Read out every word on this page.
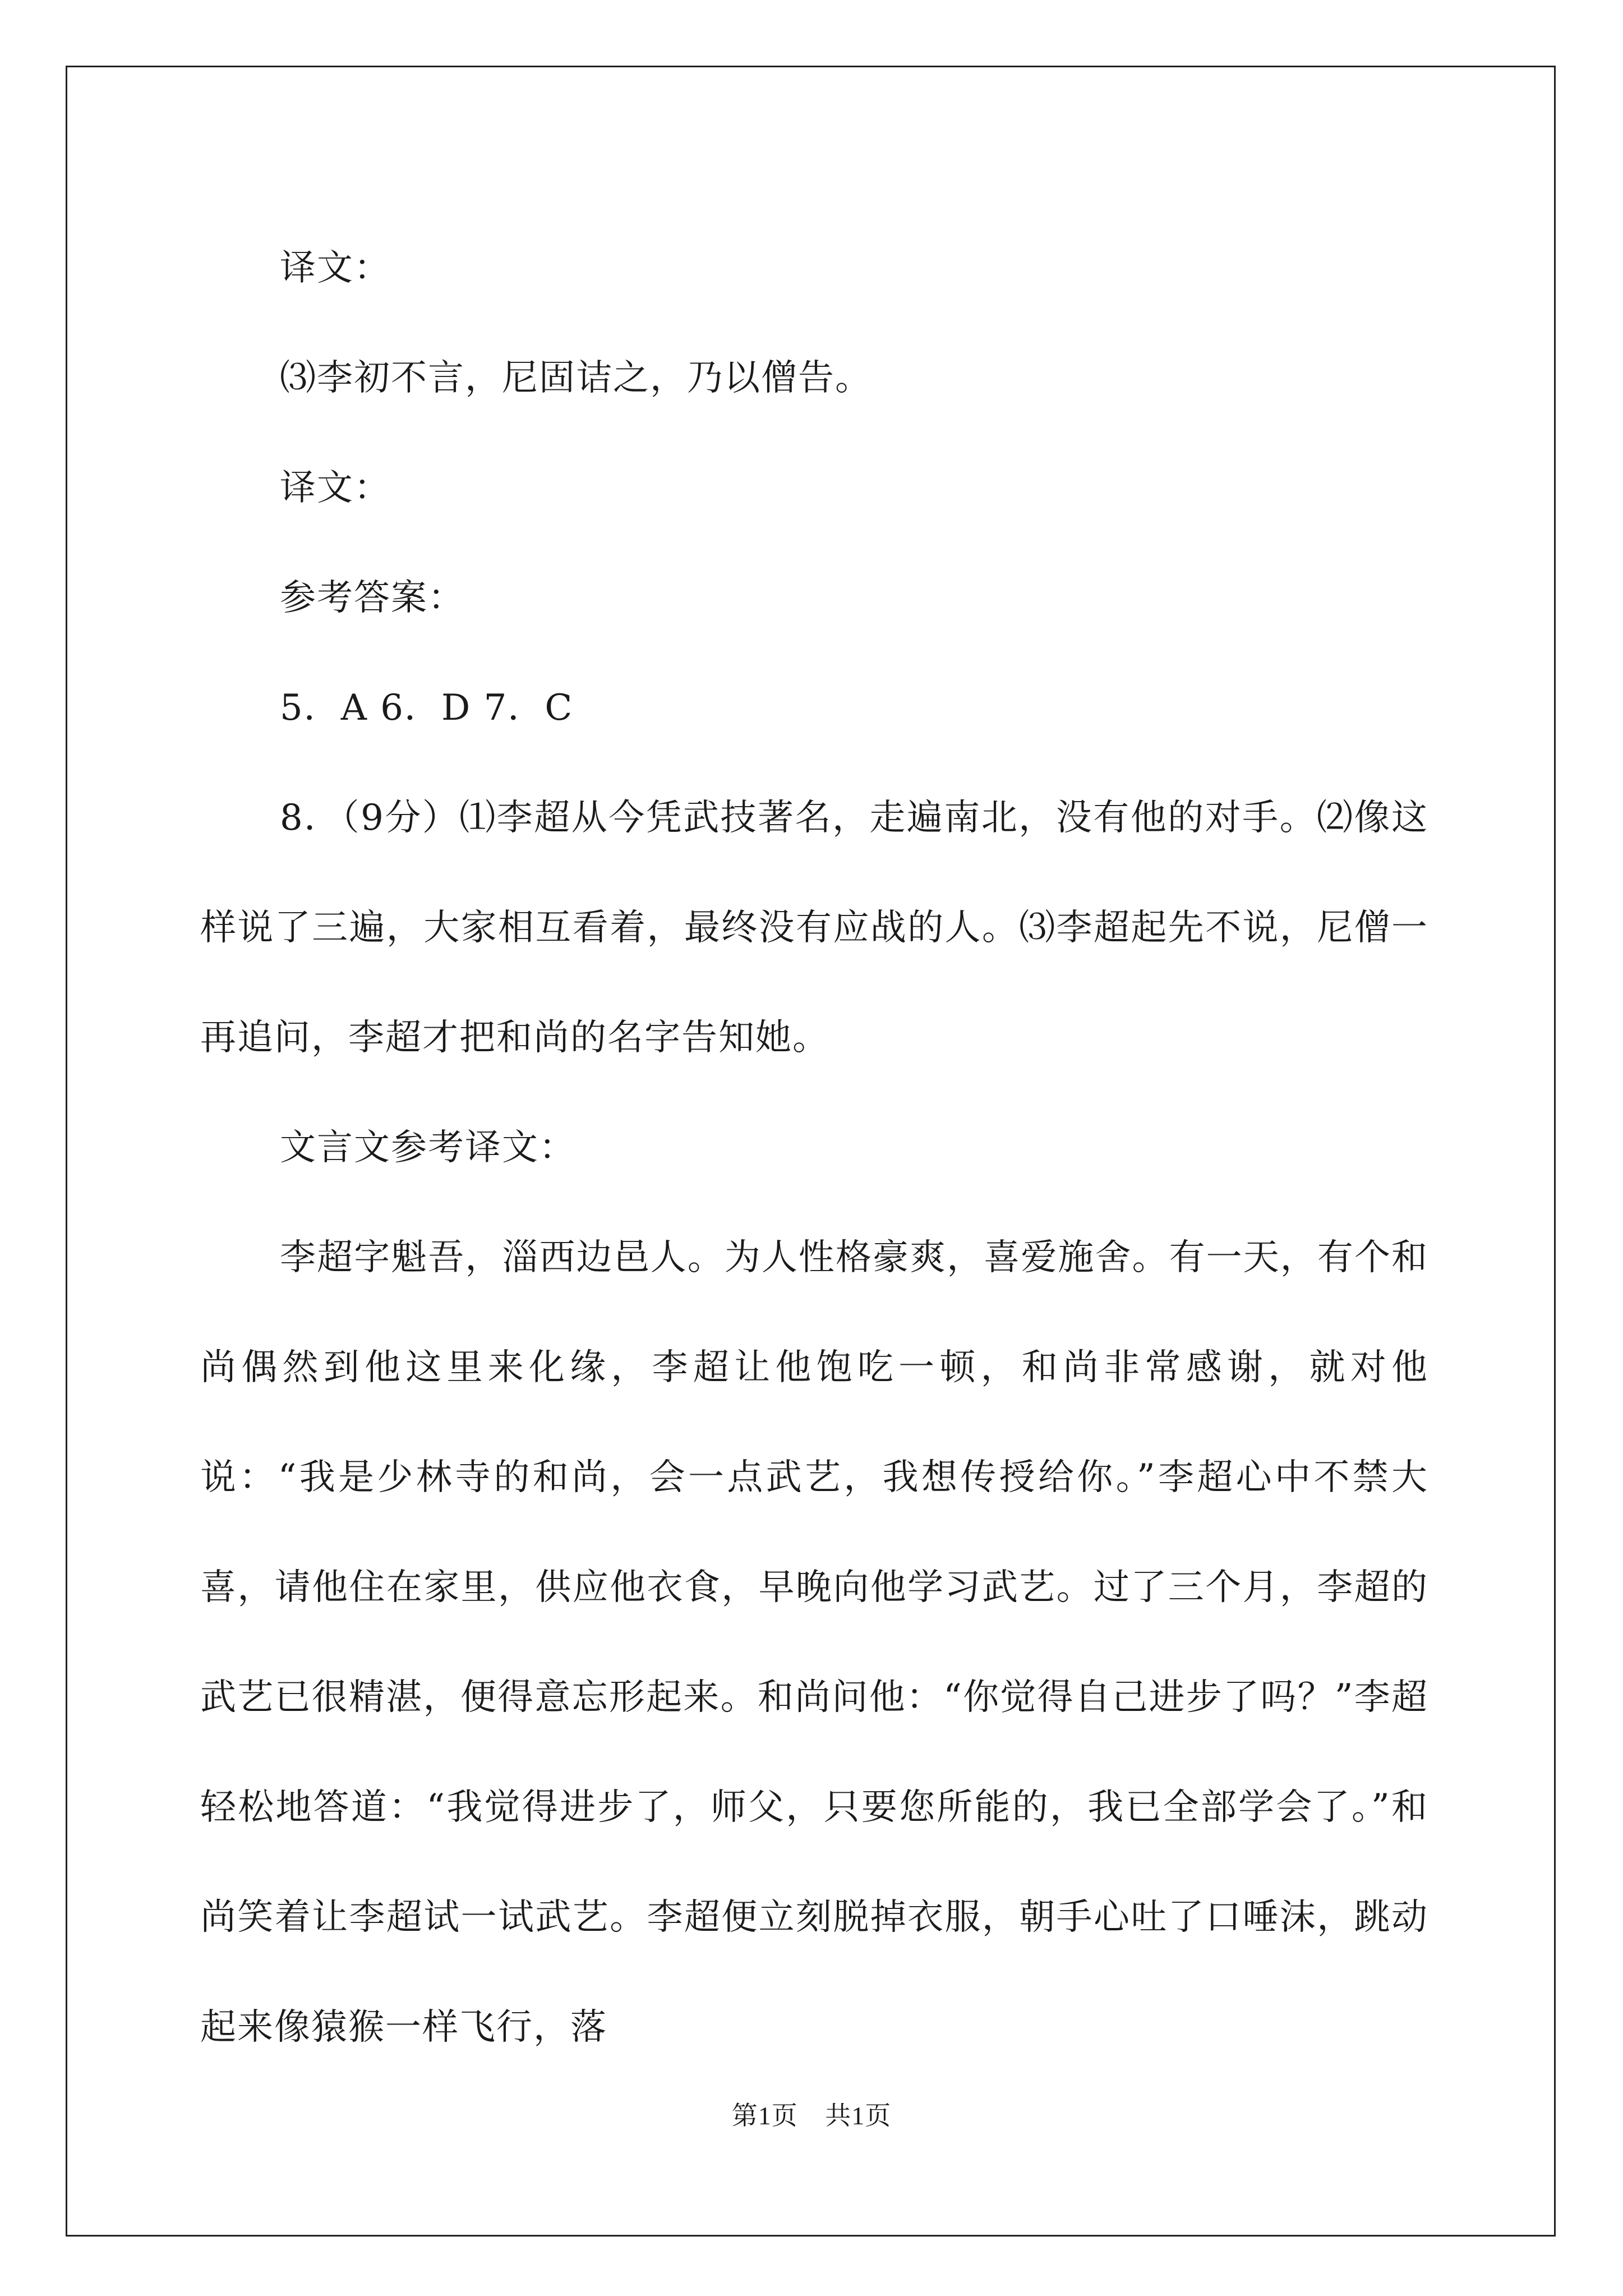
译文：

⑶李初不言，尼固诘之，乃以僧告。

译文：

参考答案：

5．A 6．D 7．C

8．（9分）⑴李超从今凭武技著名，走遍南北，没有他的对手。⑵像这样说了三遍，大家相互看着，最终没有应战的人。⑶李超起先不说，尼僧一再追问，李超才把和尚的名字告知她。

文言文参考译文：

李超字魁吾，淄西边邑人。为人性格豪爽，喜爱施舍。有一天，有个和尚偶然到他这里来化缘，李超让他饱吃一顿，和尚非常感谢，就对他说：“我是少林寺的和尚，会一点武艺，我想传授给你。”李超心中不禁大喜，请他住在家里，供应他衣食，早晚向他学习武艺。过了三个月，李超的武艺已很精湛，便得意忘形起来。和尚问他：“你觉得自己进步了吗？”李超轻松地答道：“我觉得进步了，师父，只要您所能的，我已全部学会了。”和尚笑着让李超试一试武艺。李超便立刻脱掉衣服，朝手心吐了口唾沫，跳动起来像猿猴一样飞行，落

第1页 共1页
